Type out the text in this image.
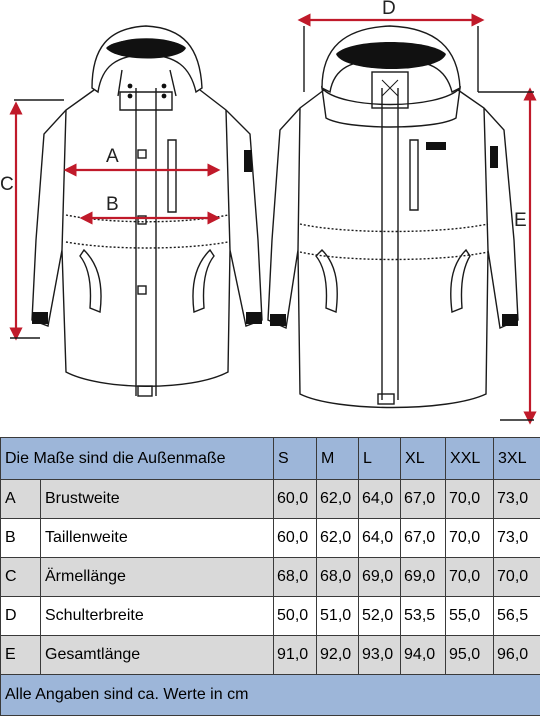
A
B
C
D
E
Die Maße sind die Außenmaße		S	M	L	XL	XXL	3XL
A	Brustweite	60,0	62,0	64,0	67,0	70,0	73,0
B	Taillenweite	60,0	62,0	64,0	67,0	70,0	73,0
C	Ärmellänge	68,0	68,0	69,0	69,0	70,0	70,0
D	Schulterbreite	50,0	51,0	52,0	53,5	55,0	56,5
E	Gesamtlänge	91,0	92,0	93,0	94,0	95,0	96,0
Alle Angaben sind ca. Werte in cm							
